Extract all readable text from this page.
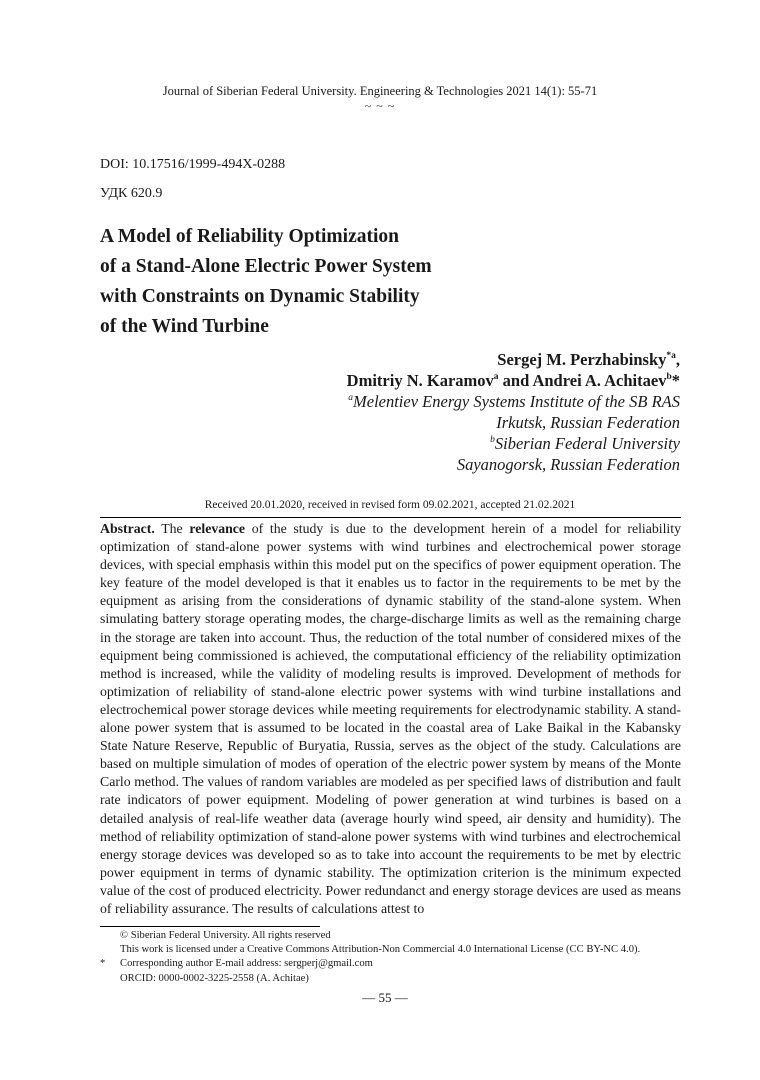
Journal of Siberian Federal University. Engineering & Technologies 2021 14(1): 55-71
~ ~ ~
DOI: 10.17516/1999-494X-0288
УДК 620.9
A Model of Reliability Optimization
of a Stand-Alone Electric Power System
with Constraints on Dynamic Stability
of the Wind Turbine
Sergej M. Perzhabinsky$^{*a}$,
Dmitriy N. Karamov$^a$ and Andrei A. Achitaev$^b$*
$^a$Melentiev Energy Systems Institute of the SB RAS
Irkutsk, Russian Federation
$^b$Siberian Federal University
Sayanogorsk, Russian Federation
Received 20.01.2020, received in revised form 09.02.2021, accepted 21.02.2021

Abstract. The relevance of the study is due to the development herein of a model for reliability optimization of stand-alone power systems with wind turbines and electrochemical power storage devices, with special emphasis within this model put on the specifics of power equipment operation. The key feature of the model developed is that it enables us to factor in the requirements to be met by the equipment as arising from the considerations of dynamic stability of the stand-alone system. When simulating battery storage operating modes, the charge-discharge limits as well as the remaining charge in the storage are taken into account. Thus, the reduction of the total number of considered mixes of the equipment being commissioned is achieved, the computational efficiency of the reliability optimization method is increased, while the validity of modeling results is improved. Development of methods for optimization of reliability of stand-alone electric power systems with wind turbine installations and electrochemical power storage devices while meeting requirements for electrodynamic stability. A stand-alone power system that is assumed to be located in the coastal area of Lake Baikal in the Kabansky State Nature Reserve, Republic of Buryatia, Russia, serves as the object of the study. Calculations are based on multiple simulation of modes of operation of the electric power system by means of the Monte Carlo method. The values of random variables are modeled as per specified laws of distribution and fault rate indicators of power equipment. Modeling of power generation at wind turbines is based on a detailed analysis of real-life weather data (average hourly wind speed, air density and humidity). The method of reliability optimization of stand-alone power systems with wind turbines and electrochemical energy storage devices was developed so as to take into account the requirements to be met by electric power equipment in terms of dynamic stability. The optimization criterion is the minimum expected value of the cost of produced electricity. Power redundanct and energy storage devices are used as means of reliability assurance. The results of calculations attest to

© Siberian Federal University. All rights reserved
This work is licensed under a Creative Commons Attribution-Non Commercial 4.0 International License (CC BY-NC 4.0).
*	Corresponding author E-mail address: sergperj@gmail.com
ORCID: 0000-0002-3225-2558 (A. Achitae)
— 55 —
